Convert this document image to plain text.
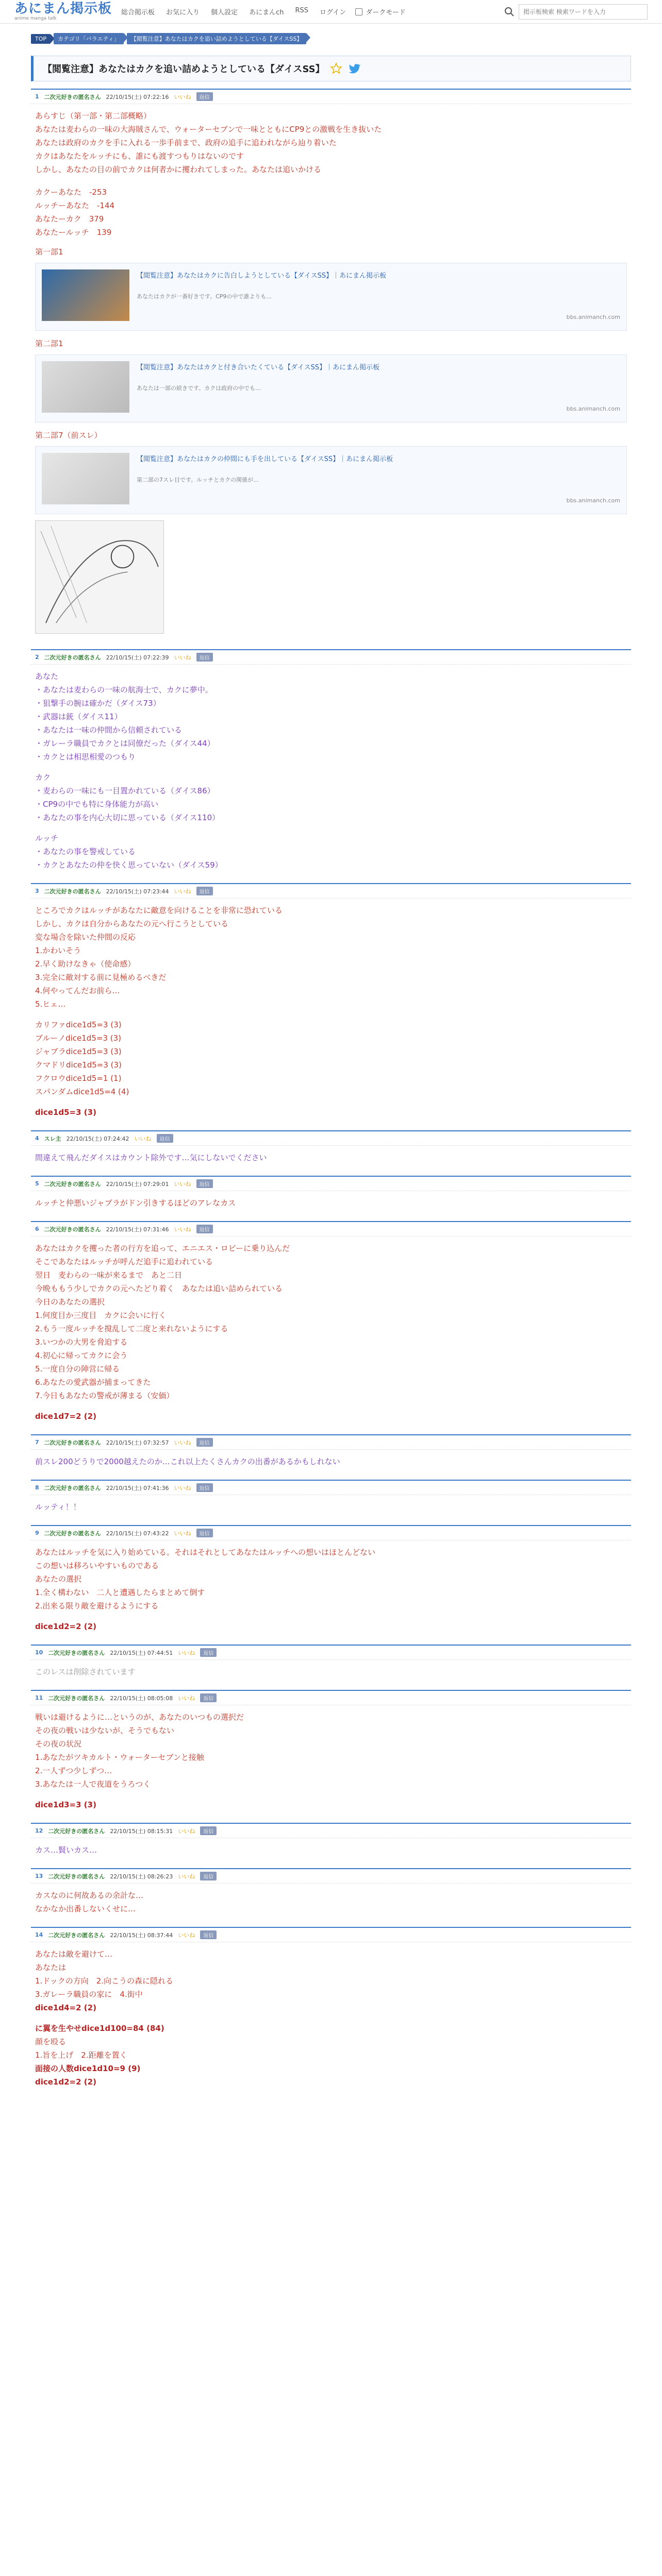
あにまん掲示板
anime manga talk
総合掲示板 お気に入り 個人設定 あにまんch RSS ログイン	ダークモード
掲示板検索 検索ワードを入力
TOP	カテゴリ「バラエティ」	【閲覧注意】あなたはカクを追い詰めようとしている【ダイスSS】
【閲覧注意】あなたはカクを追い詰めようとしている【ダイスSS】
1 二次元好きの匿名さん 22/10/15(土) 07:22:16 いいね	返信
あらすじ（第一部・第二部概略）
あなたは麦わらの一味の大海賊さんで、ウォーターセブンで一味とともにCP9との激戦を生き抜いた
あなたは政府のカクを手に入れる一歩手前まで、政府の追手に追われながら辿り着いた
カクはあなたをルッチにも、誰にも渡すつもりはないのです
しかし、あなたの目の前でカクは何者かに攫われてしまった。あなたは追いかける
カクーあなた　-253
ルッチーあなた　-144
あなたーカク　379
あなたールッチ　139
第一部1
【閲覧注意】あなたはカクに告白しようとしている【ダイスSS】｜あにまん掲示板
あなたはカクが一番好きです。CP9の中で誰よりも...
bbs.animanch.com
第二部1
【閲覧注意】あなたはカクと付き合いたくている【ダイスSS】｜あにまん掲示板
あなたは一部の続きです。カクは政府の中でも...
bbs.animanch.com
第二部7（前スレ）
【閲覧注意】あなたはカクの仲間にも手を出している【ダイスSS】｜あにまん掲示板
第二部の7スレ目です。ルッチとカクの関係が...
bbs.animanch.com
2 二次元好きの匿名さん 22/10/15(土) 07:22:39 いいね	返信
あなた
・あなたは麦わらの一味の航海士で、カクに夢中。
・狙撃手の腕は確かだ（ダイス73）
・武器は銃（ダイス11）
・あなたは一味の仲間から信頼されている
・ガレーラ職員でカクとは同僚だった（ダイス44）
・カクとは相思相愛のつもり
カク
・麦わらの一味にも一目置かれている（ダイス86）
・CP9の中でも特に身体能力が高い
・あなたの事を内心大切に思っている（ダイス110）
ルッチ
・あなたの事を警戒している
・カクとあなたの仲を快く思っていない（ダイス59）
3 二次元好きの匿名さん 22/10/15(土) 07:23:44 いいね	返信
ところでカクはルッチがあなたに敵意を向けることを非常に恐れている
しかし、カクは自分からあなたの元へ行こうとしている
変な場合を除いた仲間の反応
1.かわいそう
2.早く助けなきゃ（使命感）
3.完全に敵対する前に見極めるべきだ
4.何やってんだお前ら…
5.ヒェ…
カリファdice1d5=3 (3)
ブルーノdice1d5=3 (3)
ジャブラdice1d5=3 (3)
クマドリdice1d5=3 (3)
フクロウdice1d5=1 (1)
スパンダムdice1d5=4 (4)
dice1d5=3 (3)
4 スレ主 22/10/15(土) 07:24:42 いいね	返信
間違えて飛んだダイスはカウント除外です…気にしないでください
5 二次元好きの匿名さん 22/10/15(土) 07:29:01 いいね	返信
ルッチと仲悪いジャブラがドン引きするほどのアレなカス
6 二次元好きの匿名さん 22/10/15(土) 07:31:46 いいね	返信
あなたはカクを攫った者の行方を追って、エニエス・ロビーに乗り込んだ
そこであなたはルッチが呼んだ追手に追われている
翌日　麦わらの一味が来るまで　あと二日
今晩ももう少しでカクの元へたどり着く　あなたは追い詰められている
今日のあなたの選択
1.何度目か三度目　カクに会いに行く
2.もう一度ルッチを撹乱して二度と来れないようにする
3.いつかの大男を脅迫する
4.初心に帰ってカクに会う
5.一度自分の陣営に帰る
6.あなたの愛武器が捕まってきた
7.今日もあなたの警戒が薄まる（安価）
dice1d7=2 (2)
7 二次元好きの匿名さん 22/10/15(土) 07:32:57 いいね	返信
前スレ200どうりで2000越えたのか…これ以上たくさんカクの出番があるかもしれない
8 二次元好きの匿名さん 22/10/15(土) 07:41:36 いいね	返信
ルッティ！！
9 二次元好きの匿名さん 22/10/15(土) 07:43:22 いいね	返信
あなたはルッチを気に入り始めている。それはそれとしてあなたはルッチへの想いはほとんどない
この想いは移ろいやすいものである
あなたの選択
1.全く構わない　二人と遭遇したらまとめて倒す
2.出来る限り敵を避けるようにする
dice1d2=2 (2)
10 二次元好きの匿名さん 22/10/15(土) 07:44:51 いいね	返信
このレスは削除されています
11 二次元好きの匿名さん 22/10/15(土) 08:05:08 いいね	返信
戦いは避けるように…というのが、あなたのいつもの選択だ
その夜の戦いは少ないが、そうでもない
その夜の状況
1.あなたがツキカルト・ウォーターセブンと接触
2.一人ずつ少しずつ…
3.あなたは一人で夜道をうろつく
dice1d3=3 (3)
12 二次元好きの匿名さん 22/10/15(土) 08:15:31 いいね	返信
カス…賢いカス…
13 二次元好きの匿名さん 22/10/15(土) 08:26:23 いいね	返信
カスなのに何故あるの余計な…
なかなか出番しないくせに…
14 二次元好きの匿名さん 22/10/15(土) 08:37:44 いいね	返信
あなたは敵を避けて…
あなたは
1.ドックの方向　2.向こうの森に隠れる
3.ガレーラ職員の家に　4.街中
dice1d4=2 (2)
に翼を生やせdice1d100=84 (84)
顔を殴る
1.旨を上げ　2.距離を置く
面接の人数dice1d10=9 (9)
dice1d2=2 (2)
